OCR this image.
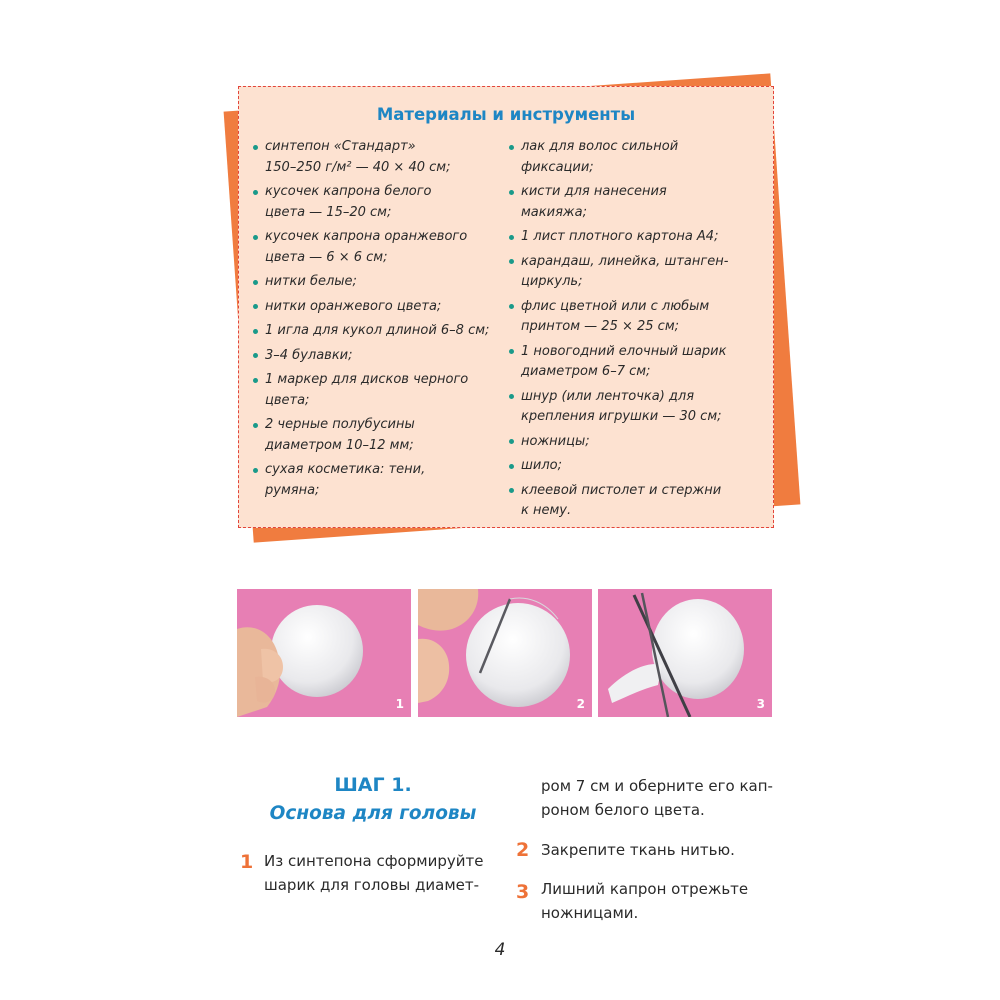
Материалы и инструменты
синтепон «Стандарт»
150–250 г/м² — 40 × 40 см;
кусочек капрона белого
цвета — 15–20 см;
кусочек капрона оранжевого
цвета — 6 × 6 см;
нитки белые;
нитки оранжевого цвета;
1 игла для кукол длиной 6–8 см;
3–4 булавки;
1 маркер для дисков черного
цвета;
2 черные полубусины
диаметром 10–12 мм;
сухая косметика: тени,
румяна;
лак для волос сильной
фиксации;
кисти для нанесения
макияжа;
1 лист плотного картона А4;
карандаш, линейка, штанген-
циркуль;
флис цветной или с любым
принтом — 25 × 25 см;
1 новогодний елочный шарик
диаметром 6–7 см;
шнур (или ленточка) для
крепления игрушки — 30 см;
ножницы;
шило;
клеевой пистолет и стержни
к нему.
1	2	3
ШАГ 1.
Основа для головы
1 Из синтепона сформируйте
шарик для головы диамет-
ром 7 см и оберните его кап-
роном белого цвета.
2 Закрепите ткань нитью.
3 Лишний капрон отрежьте
ножницами.
4
